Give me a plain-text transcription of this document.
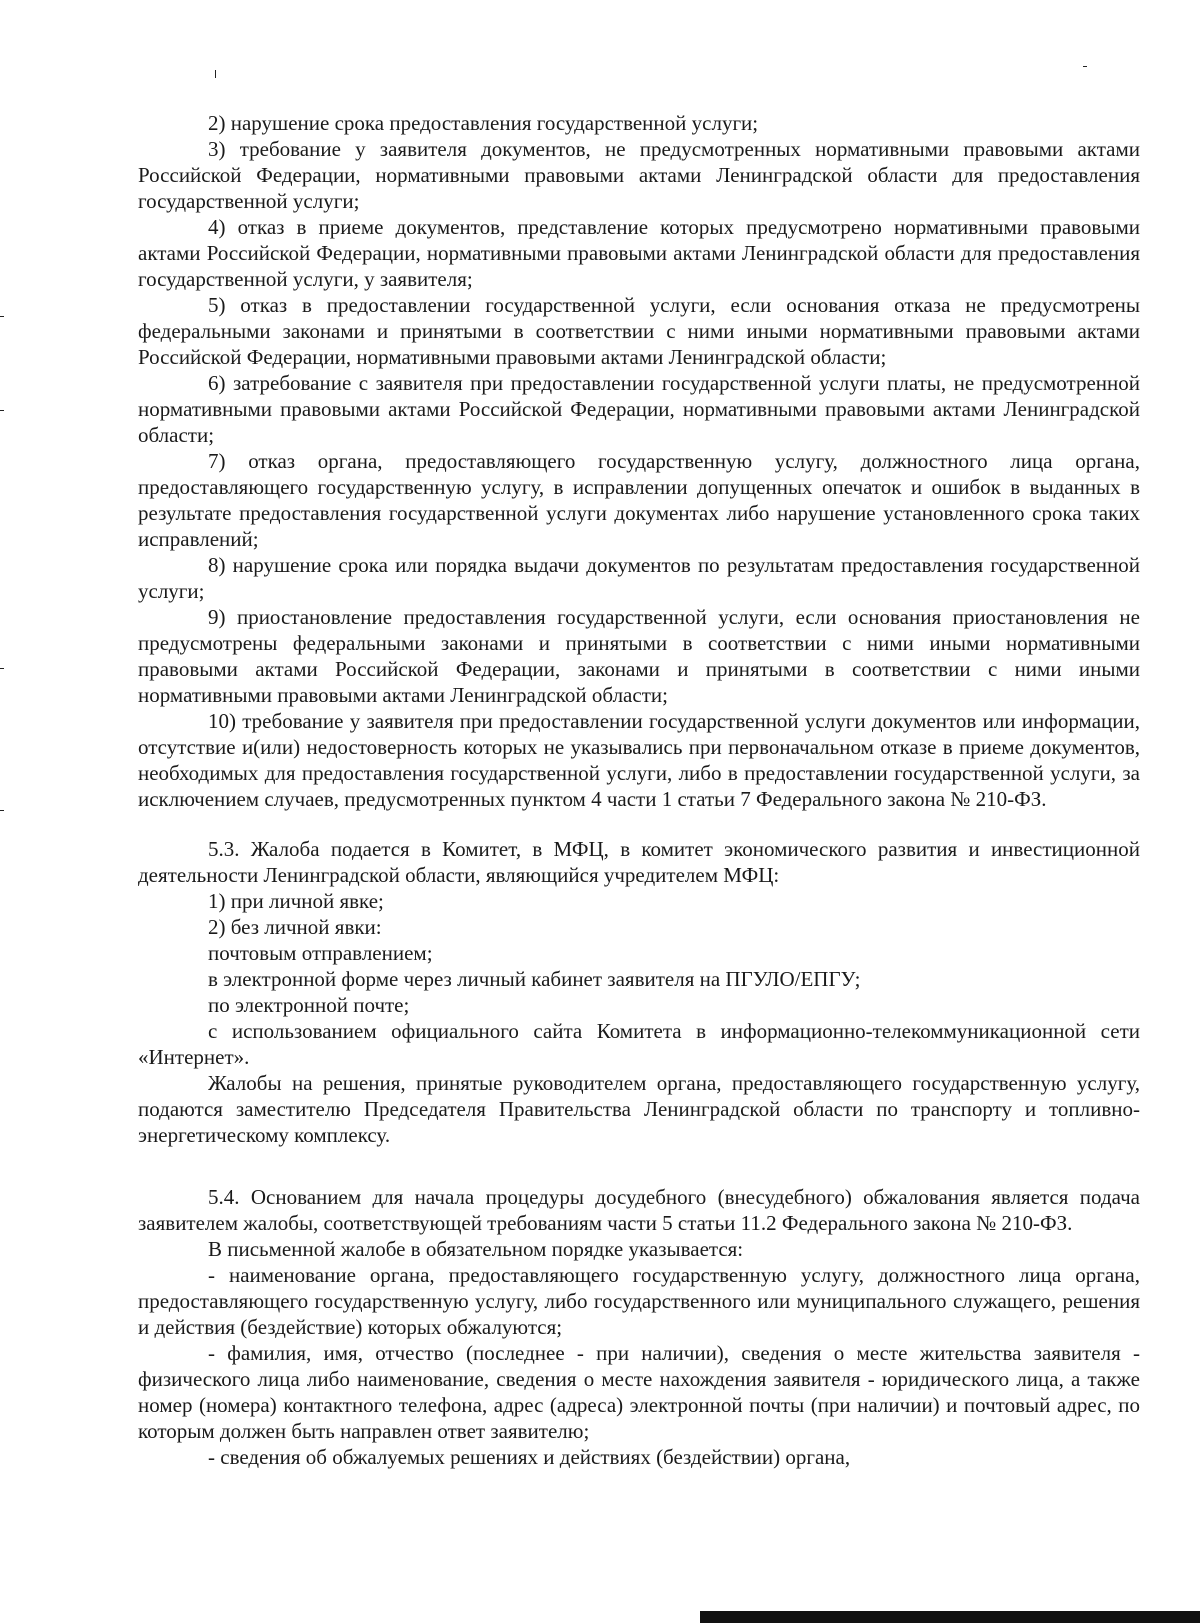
2) нарушение срока предоставления государственной услуги;

3) требование у заявителя документов, не предусмотренных нормативными правовыми актами Российской Федерации, нормативными правовыми актами Ленинградской области для предоставления государственной услуги;

4) отказ в приеме документов, представление которых предусмотрено нормативными правовыми актами Российской Федерации, нормативными правовыми актами Ленинградской области для предоставления государственной услуги, у заявителя;

5) отказ в предоставлении государственной услуги, если основания отказа не предусмотрены федеральными законами и принятыми в соответствии с ними иными нормативными правовыми актами Российской Федерации, нормативными правовыми актами Ленинградской области;

6) затребование с заявителя при предоставлении государственной услуги платы, не предусмотренной нормативными правовыми актами Российской Федерации, нормативными правовыми актами Ленинградской области;

7) отказ органа, предоставляющего государственную услугу, должностного лица органа, предоставляющего государственную услугу, в исправлении допущенных опечаток и ошибок в выданных в результате предоставления государственной услуги документах либо нарушение установленного срока таких исправлений;

8) нарушение срока или порядка выдачи документов по результатам предоставления государственной услуги;

9) приостановление предоставления государственной услуги, если основания приостановления не предусмотрены федеральными законами и принятыми в соответствии с ними иными нормативными правовыми актами Российской Федерации, законами и принятыми в соответствии с ними иными нормативными правовыми актами Ленинградской области;

10) требование у заявителя при предоставлении государственной услуги документов или информации, отсутствие и(или) недостоверность которых не указывались при первоначальном отказе в приеме документов, необходимых для предоставления государственной услуги, либо в предоставлении государственной услуги, за исключением случаев, предусмотренных пунктом 4 части 1 статьи 7 Федерального закона № 210-ФЗ.

5.3. Жалоба подается в Комитет, в МФЦ, в комитет экономического развития и инвестиционной деятельности Ленинградской области, являющийся учредителем МФЦ:

1) при личной явке;

2) без личной явки:

почтовым отправлением;

в электронной форме через личный кабинет заявителя на ПГУЛО/ЕПГУ;

по электронной почте;

с использованием официального сайта Комитета в информационно-телекоммуникационной сети «Интернет».

Жалобы на решения, принятые руководителем органа, предоставляющего государственную услугу, подаются заместителю Председателя Правительства Ленинградской области по транспорту и топливно-энергетическому комплексу.

5.4. Основанием для начала процедуры досудебного (внесудебного) обжалования является подача заявителем жалобы, соответствующей требованиям части 5 статьи 11.2 Федерального закона № 210-ФЗ.

В письменной жалобе в обязательном порядке указывается:

- наименование органа, предоставляющего государственную услугу, должностного лица органа, предоставляющего государственную услугу, либо государственного или муниципального служащего, решения и действия (бездействие) которых обжалуются;

- фамилия, имя, отчество (последнее - при наличии), сведения о месте жительства заявителя - физического лица либо наименование, сведения о месте нахождения заявителя - юридического лица, а также номер (номера) контактного телефона, адрес (адреса) электронной почты (при наличии) и почтовый адрес, по которым должен быть направлен ответ заявителю;

- сведения об обжалуемых решениях и действиях (бездействии) органа,
